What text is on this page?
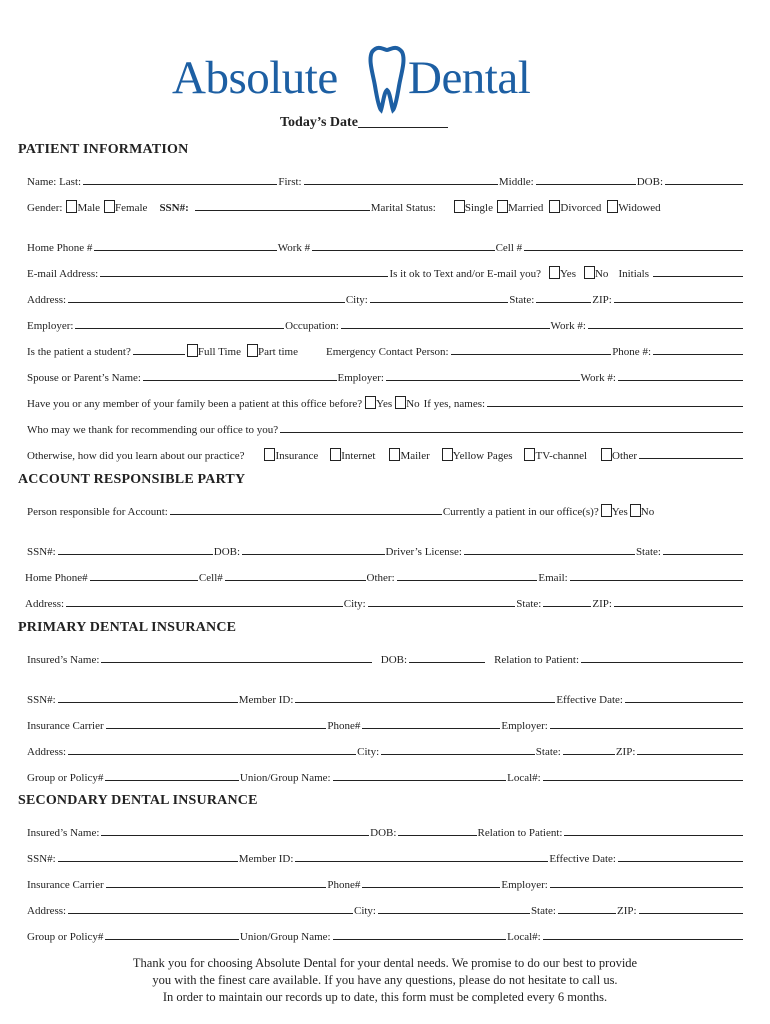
Absolute Dental
Today’s Date
PATIENT INFORMATION
Name: Last:	First:	Middle:	DOB:
Gender: Male Female SSN#:	Marital Status:	Single Married Divorced Widowed
Home Phone #	Work #	Cell #
E-mail Address:	Is it ok to Text and/or E-mail you? Yes No Initials
Address:	City:	State:	ZIP:
Employer:	Occupation:	Work #:
Is the patient a student?	Full Time Part time	Emergency Contact Person:	Phone #:
Spouse or Parent’s Name:	Employer:	Work #:
Have you or any member of your family been a patient at this office before? Yes No If yes, names:
Who may we thank for recommending our office to you?
Otherwise, how did you learn about our practice?	Insurance Internet Mailer Yellow Pages TV-channel Other
ACCOUNT RESPONSIBLE PARTY
Person responsible for Account:	Currently a patient in our office(s)? Yes No
SSN#:	DOB:	Driver’s License:	State:
Home Phone#	Cell#	Other:	Email:
Address:	City:	State:	ZIP:
PRIMARY DENTAL INSURANCE
Insured’s Name:	DOB:	Relation to Patient:
SSN#:	Member ID:	Effective Date:
Insurance Carrier	Phone#	Employer:
Address:	City:	State:	ZIP:
Group or Policy#	Union/Group Name:	Local#:
SECONDARY DENTAL INSURANCE
Insured’s Name:	DOB:	Relation to Patient:
SSN#:	Member ID:	Effective Date:
Insurance Carrier	Phone#	Employer:
Address:	City:	State:	ZIP:
Group or Policy#	Union/Group Name:	Local#:
Thank you for choosing Absolute Dental for your dental needs. We promise to do our best to provide
you with the finest care available. If you have any questions, please do not hesitate to call us.
In order to maintain our records up to date, this form must be completed every 6 months.
